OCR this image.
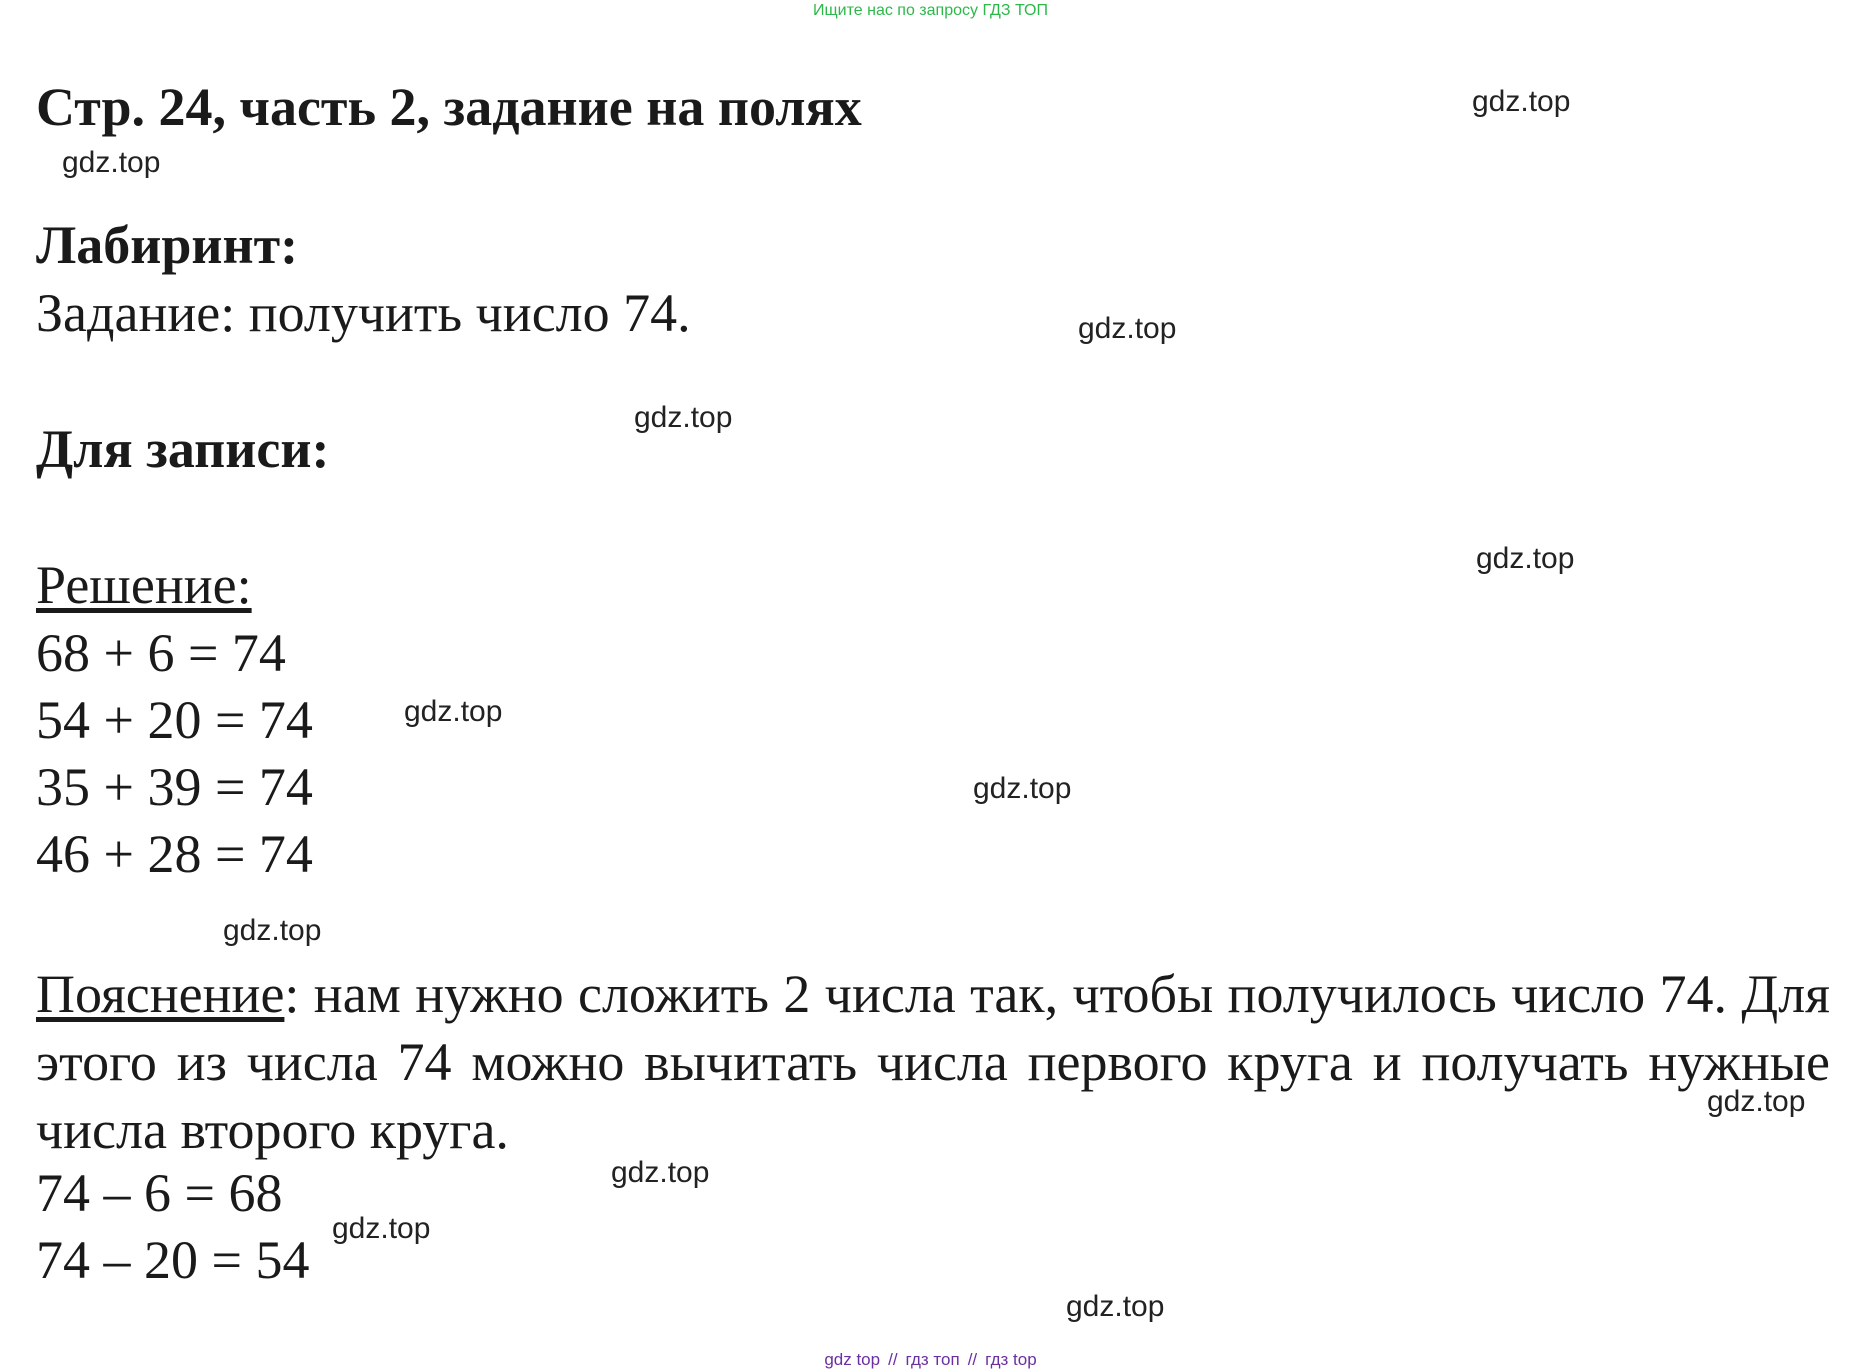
Ищите нас по запросу ГДЗ ТОП
Стр. 24, часть 2, задание на полях
Лабиринт:
Задание: получить число 74.
Для записи:
Решение:
68 + 6 = 74
54 + 20 = 74
35 + 39 = 74
46 + 28 = 74
Пояснение: нам нужно сложить 2 числа так, чтобы получилось число 74. Для этого из числа 74 можно вычитать числа первого круга и получать нужные числа второго круга.
74 – 6 = 68
74 – 20 = 54
gdz.top
gdz.top
gdz.top
gdz.top
gdz.top
gdz.top
gdz.top
gdz.top
gdz.top
gdz.top
gdz.top
gdz.top
gdz top // гдз топ // гдз top
